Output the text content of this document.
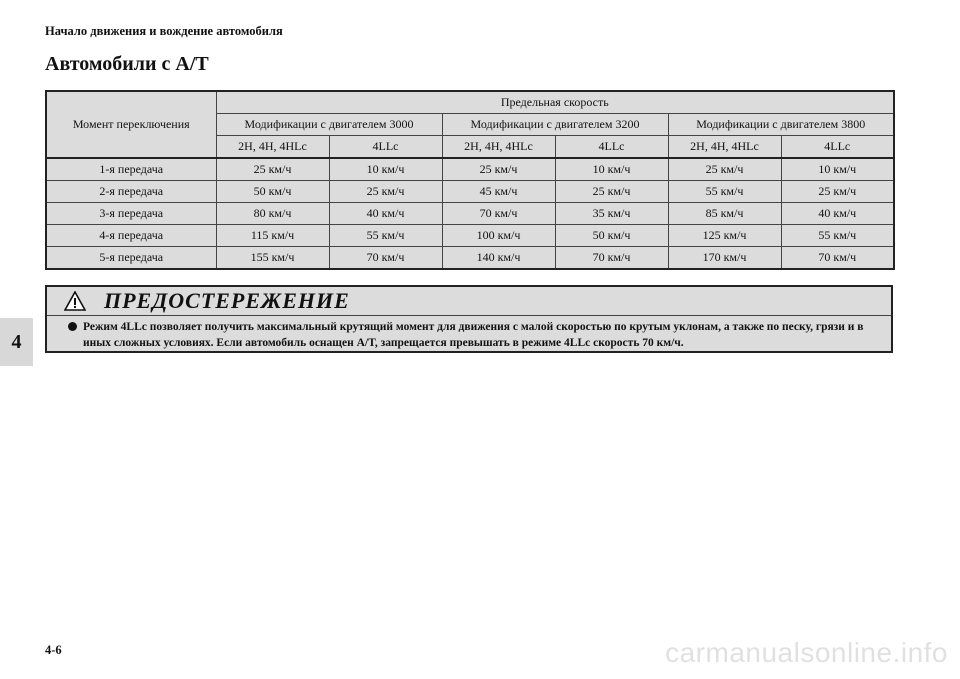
Начало движения и вождение автомобиля
Автомобили с A/T
4
Момент переключения	Предельная скорость					
	Модификации с двигателем 3000		Модификации с двигателем 3200		Модификации с двигателем 3800	
	2H, 4H, 4HLc	4LLc	2H, 4H, 4HLc	4LLc	2H, 4H, 4HLc	4LLc
1-я передача	25 км/ч	10 км/ч	25 км/ч	10 км/ч	25 км/ч	10 км/ч
2-я передача	50 км/ч	25 км/ч	45 км/ч	25 км/ч	55 км/ч	25 км/ч
3-я передача	80 км/ч	40 км/ч	70 км/ч	35 км/ч	85 км/ч	40 км/ч
4-я передача	115 км/ч	55 км/ч	100 км/ч	50 км/ч	125 км/ч	55 км/ч
5-я передача	155 км/ч	70 км/ч	140 км/ч	70 км/ч	170 км/ч	70 км/ч
ПРЕДОСТЕРЕЖЕНИЕ
Режим 4LLc позволяет получить максимальный крутящий момент для движения с малой скоростью по крутым уклонам, а также по песку, грязи и в иных сложных условиях. Если автомобиль оснащен A/T, запрещается превышать в режиме 4LLc скорость 70 км/ч.
4-6	carmanualsonline.info
